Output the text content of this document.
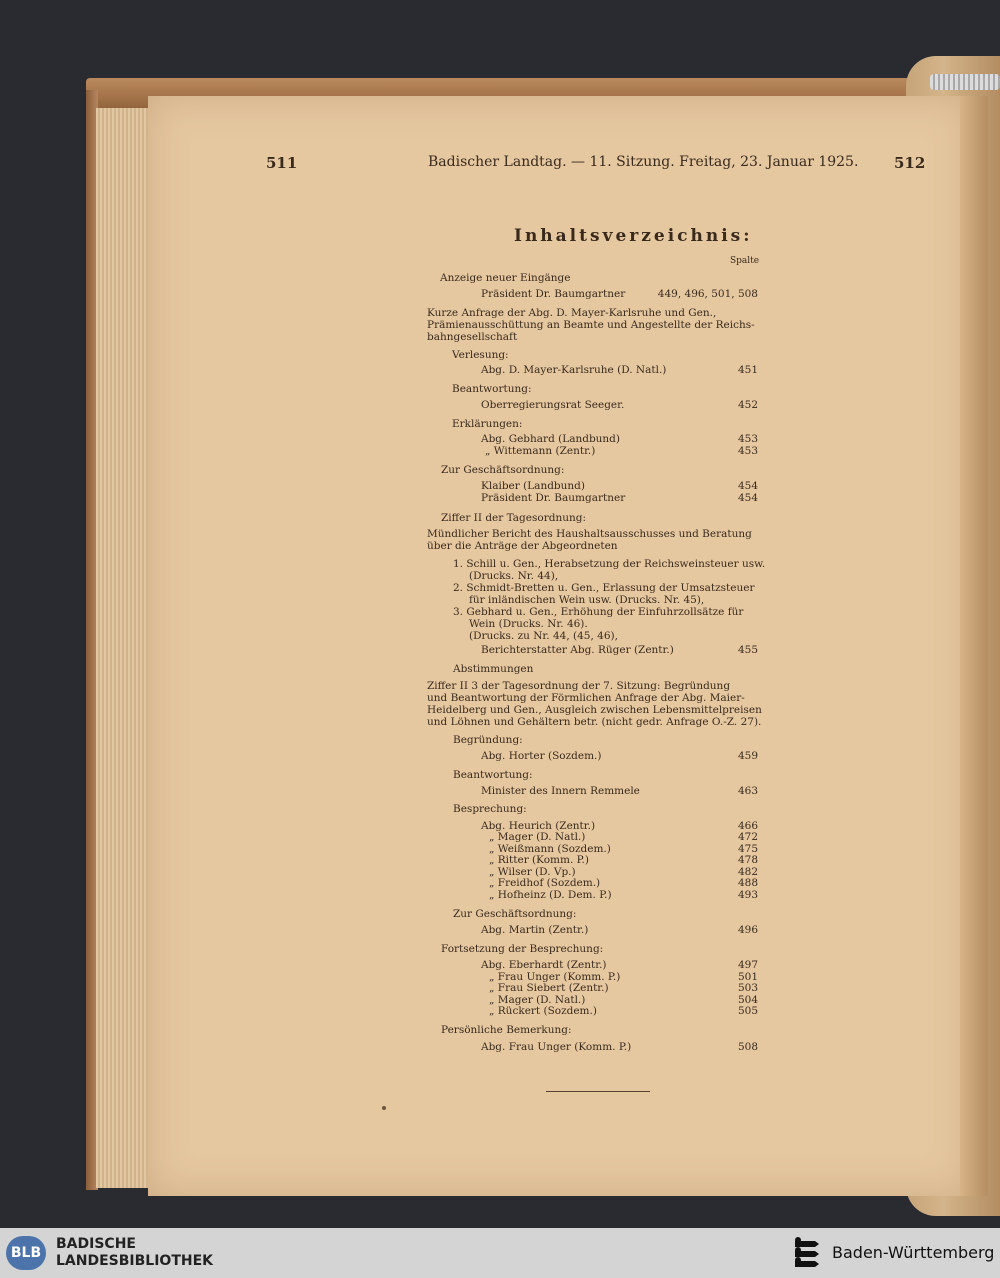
511	Badischer Landtag. — 11. Sitzung. Freitag, 23. Januar 1925. 512
Inhaltsverzeichnis:
Spalte
Anzeige neuer Eingänge
Präsident Dr. Baumgartner	449, 496, 501, 508
Kurze Anfrage der Abg. D. Mayer-Karlsruhe und Gen.,
Prämienausschüttung an Beamte und Angestellte der Reichs-
bahngesellschaft
Verlesung:
Abg. D. Mayer-Karlsruhe (D. Natl.)	451
Beantwortung:
Oberregierungsrat Seeger.	452
Erklärungen:
Abg. Gebhard (Landbund)	453
„ Wittemann (Zentr.)	453
Zur Geschäftsordnung:
Klaiber (Landbund)	454
Präsident Dr. Baumgartner	454
Ziffer II der Tagesordnung:
Mündlicher Bericht des Haushaltsausschusses und Beratung
über die Anträge der Abgeordneten
1. Schill u. Gen., Herabsetzung der Reichsweinsteuer usw.
(Drucks. Nr. 44),
2. Schmidt-Bretten u. Gen., Erlassung der Umsatzsteuer
für inländischen Wein usw. (Drucks. Nr. 45),
3. Gebhard u. Gen., Erhöhung der Einfuhrzollsätze für
Wein (Drucks. Nr. 46).
(Drucks. zu Nr. 44, (45, 46),
Berichterstatter Abg. Rüger (Zentr.)	455
Abstimmungen
Ziffer II 3 der Tagesordnung der 7. Sitzung: Begründung
und Beantwortung der Förmlichen Anfrage der Abg. Maier-
Heidelberg und Gen., Ausgleich zwischen Lebensmittelpreisen
und Löhnen und Gehältern betr. (nicht gedr. Anfrage O.-Z. 27).
Begründung:
Abg. Horter (Sozdem.)	459
Beantwortung:
Minister des Innern Remmele	463
Besprechung:
Abg. Heurich (Zentr.)	466
„ Mager (D. Natl.)	472
„ Weißmann (Sozdem.)	475
„ Ritter (Komm. P.)	478
„ Wilser (D. Vp.)	482
„ Freidhof (Sozdem.)	488
„ Hofheinz (D. Dem. P.)	493
Zur Geschäftsordnung:
Abg. Martin (Zentr.)	496
Fortsetzung der Besprechung:
Abg. Eberhardt (Zentr.)	497
„ Frau Unger (Komm. P.)	501
„ Frau Siebert (Zentr.)	503
„ Mager (D. Natl.)	504
„ Rückert (Sozdem.)	505
Persönliche Bemerkung:
Abg. Frau Unger (Komm. P.)	508
BLB
BADISCHE
LANDESBIBLIOTHEK	Baden-Württemberg
